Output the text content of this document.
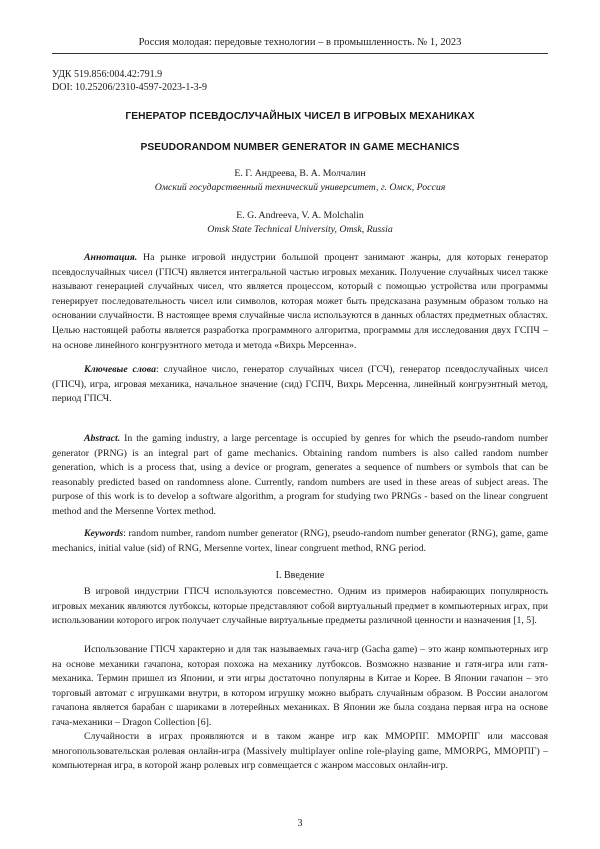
Россия молодая: передовые технологии – в промышленность. № 1, 2023
УДК 519.856:004.42:791.9
DOI: 10.25206/2310-4597-2023-1-3-9
ГЕНЕРАТОР ПСЕВДОСЛУЧАЙНЫХ ЧИСЕЛ В ИГРОВЫХ МЕХАНИКАХ
PSEUDORANDOM NUMBER GENERATOR IN GAME MECHANICS
Е. Г. Андреева, В. А. Молчалин
Омский государственный технический университет, г. Омск, Россия
E. G. Andreeva, V. A. Molchalin
Omsk State Technical University, Omsk, Russia

Аннотация. На рынке игровой индустрии большой процент занимают жанры, для которых генератор псевдослучайных чисел (ГПСЧ) является интегральной частью игровых механик. Получение случайных чисел также называют генерацией случайных чисел, что является процессом, который с помощью устройства или программы генерирует последовательность чисел или символов, которая может быть предсказана разумным образом только на основании случайности. В настоящее время случайные числа используются в данных областях предметных областях. Целью настоящей работы является разработка программного алгоритма, программы для исследования двух ГСПЧ – на основе линейного конгруэнтного метода и метода «Вихрь Мерсенна».

Ключевые слова: случайное число, генератор случайных чисел (ГСЧ), генератор псевдослучайных чисел (ГПСЧ), игра, игровая механика, начальное значение (сид) ГСПЧ, Вихрь Мерсенна, линейный конгруэнтный метод, период ГПСЧ.

Abstract. In the gaming industry, a large percentage is occupied by genres for which the pseudo-random number generator (PRNG) is an integral part of game mechanics. Obtaining random numbers is also called random number generation, which is a process that, using a device or program, generates a sequence of numbers or symbols that can be reasonably predicted based on randomness alone. Currently, random numbers are used in these areas of subject areas. The purpose of this work is to develop a software algorithm, a program for studying two PRNGs - based on the linear congruent method and the Mersenne Vortex method.

Keywords: random number, random number generator (RNG), pseudo-random number generator (RNG), game, game mechanics, initial value (sid) of RNG, Mersenne vortex, linear congruent method, RNG period.

I. Введение

В игровой индустрии ГПСЧ используются повсеместно. Одним из примеров набирающих популярность игровых механик являются лутбоксы, которые представляют собой виртуальный предмет в компьютерных играх, при использовании которого игрок получает случайные виртуальные предметы различной ценности и назначения [1, 5].

Использование ГПСЧ характерно и для так называемых гача-игр (Gacha game) – это жанр компьютерных игр на основе механики гачапона, которая похожа на механику лутбоксов. Возможно название и гатя-игра или гатя-механика. Термин пришел из Японии, и эти игры достаточно популярны в Китае и Корее. В Японии гачапон – это торговый автомат с игрушками внутри, в котором игрушку можно выбрать случайным образом. В России аналогом гачапона является барабан с шариками в лотерейных механиках. В Японии же была создана первая игра на основе гача-механики – Dragon Collection [6].

Случайности в играх проявляются и в таком жанре игр как ММОРПГ. ММОРПГ или массовая многопользовательская ролевая онлайн-игра (Massively multiplayer online role-playing game, MMORPG, ММОРПГ) – компьютерная игра, в которой жанр ролевых игр совмещается с жанром массовых онлайн-игр.

3
